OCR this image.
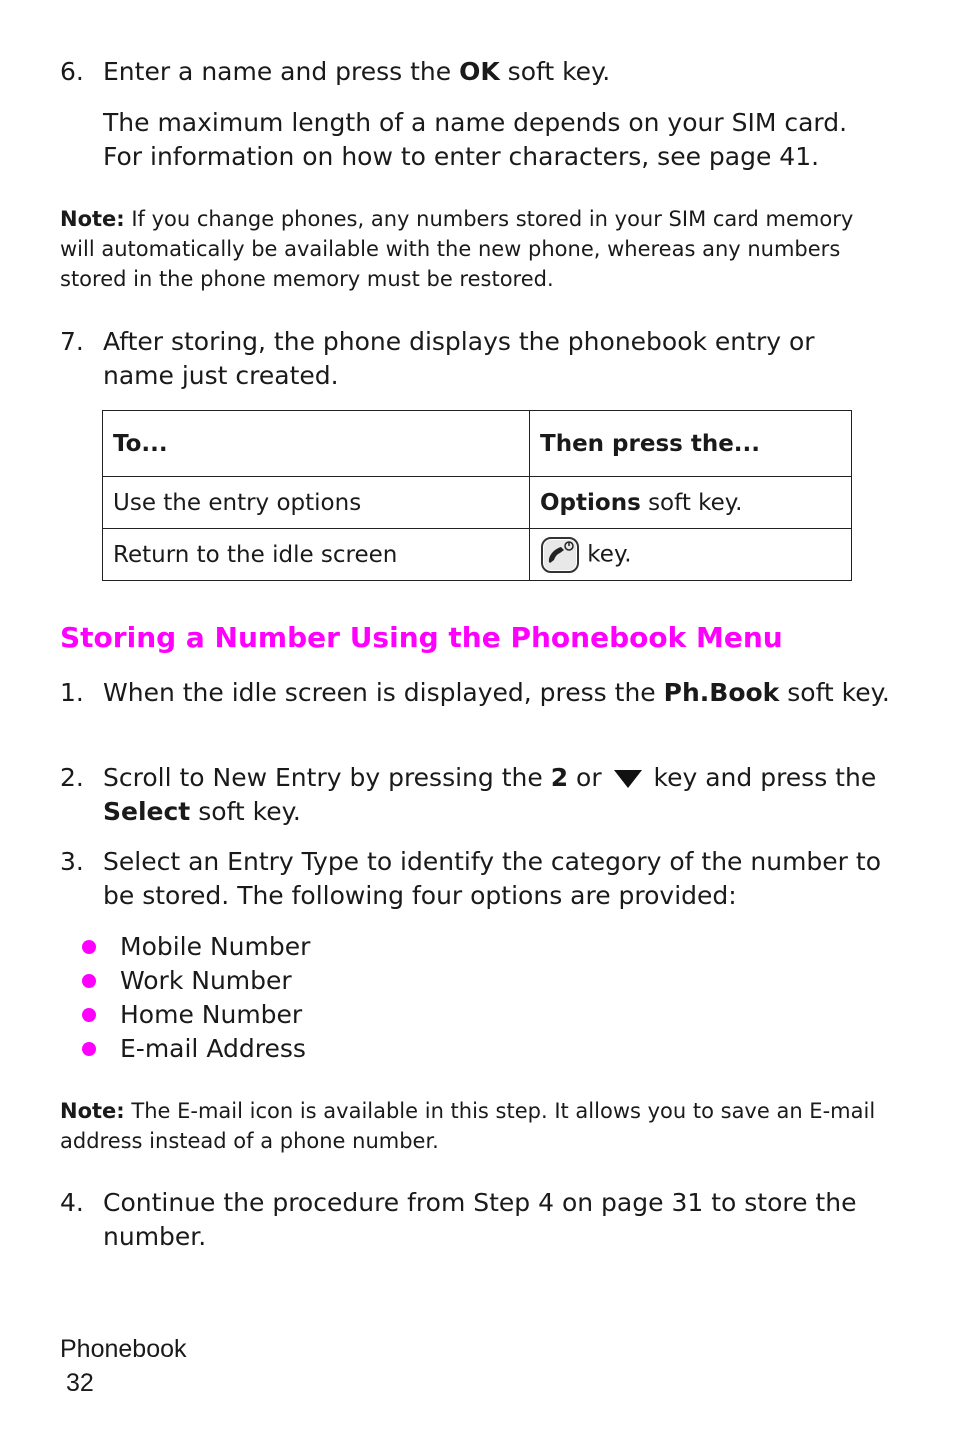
6. Enter a name and press the OK soft key.
The maximum length of a name depends on your SIM card.
For information on how to enter characters, see page 41.
Note: If you change phones, any numbers stored in your SIM card memory will automatically be available with the new phone, whereas any numbers stored in the phone memory must be restored.
7. After storing, the phone displays the phonebook entry or name just created.
To...	Then press the...
Use the entry options	Options soft key.
Return to the idle screen	key.
Storing a Number Using the Phonebook Menu
1. When the idle screen is displayed, press the Ph.Book soft key.
2. Scroll to New Entry by pressing the 2 or  key and press the Select soft key.
3. Select an Entry Type to identify the category of the number to be stored. The following four options are provided:
Mobile Number
Work Number
Home Number
E-mail Address
Note: The E-mail icon is available in this step. It allows you to save an E-mail address instead of a phone number.
4. Continue the procedure from Step 4 on page 31 to store the number.
Phonebook
32
